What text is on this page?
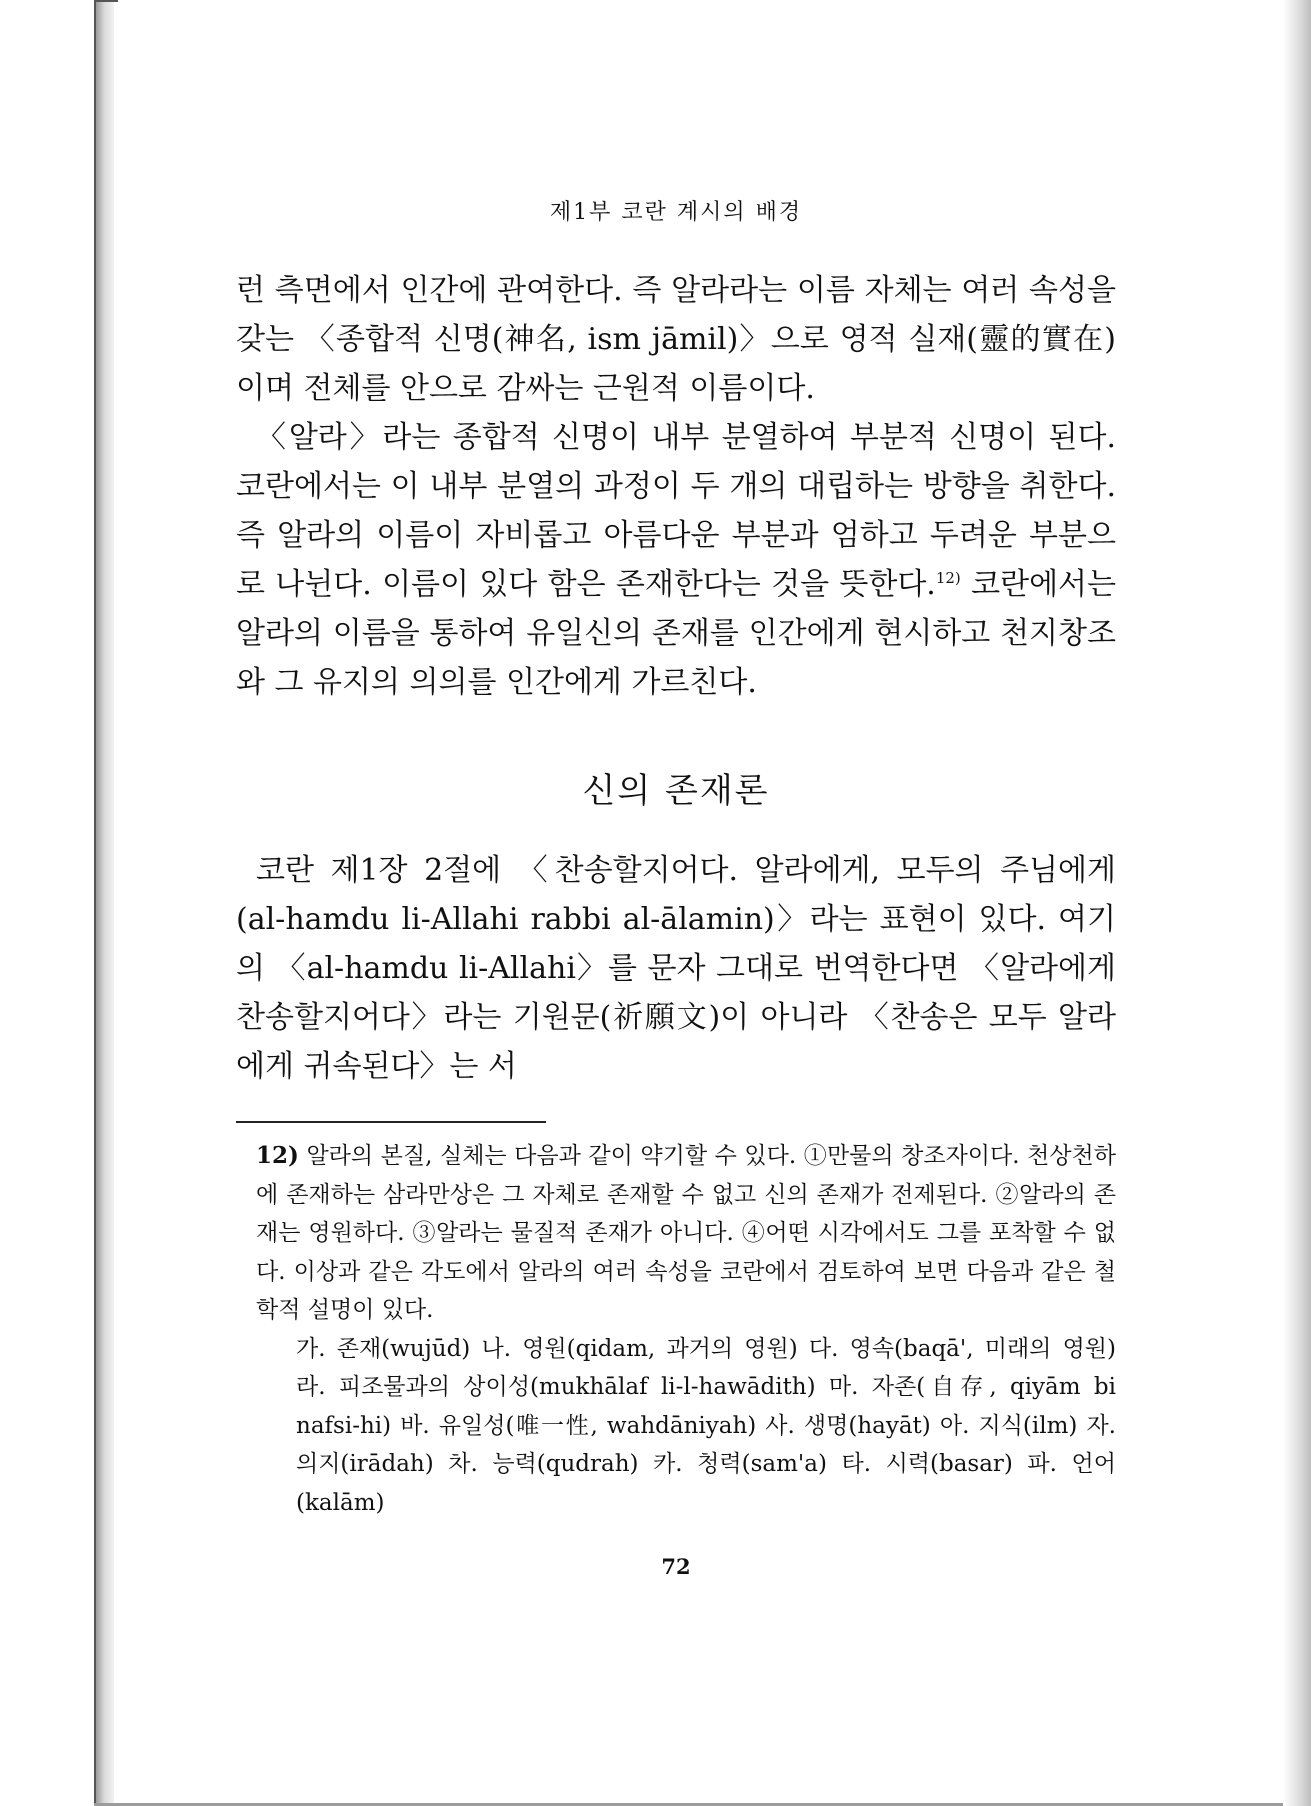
제1부 코란 계시의 배경

런 측면에서 인간에 관여한다. 즉 알라라는 이름 자체는 여러 속성을 갖는 〈종합적 신명(神名, ism jāmil)〉으로 영적 실재(靈的實在)이며 전체를 안으로 감싸는 근원적 이름이다.

〈알라〉라는 종합적 신명이 내부 분열하여 부분적 신명이 된다. 코란에서는 이 내부 분열의 과정이 두 개의 대립하는 방향을 취한다. 즉 알라의 이름이 자비롭고 아름다운 부분과 엄하고 두려운 부분으로 나뉜다. 이름이 있다 함은 존재한다는 것을 뜻한다.$^{12)}$ 코란에서는 알라의 이름을 통하여 유일신의 존재를 인간에게 현시하고 천지창조와 그 유지의 의의를 인간에게 가르친다.

신의 존재론

코란 제1장 2절에 〈찬송할지어다. 알라에게, 모두의 주님에게 (al-hamdu li-Allahi rabbi al-ālamin)〉라는 표현이 있다. 여기의 〈al-hamdu li-Allahi〉를 문자 그대로 번역한다면 〈알라에게 찬송할지어다〉라는 기원문(祈願文)이 아니라 〈찬송은 모두 알라에게 귀속된다〉는 서

12) 알라의 본질, 실체는 다음과 같이 약기할 수 있다. ①만물의 창조자이다. 천상천하에 존재하는 삼라만상은 그 자체로 존재할 수 없고 신의 존재가 전제된다. ②알라의 존재는 영원하다. ③알라는 물질적 존재가 아니다. ④어떤 시각에서도 그를 포착할 수 없다. 이상과 같은 각도에서 알라의 여러 속성을 코란에서 검토하여 보면 다음과 같은 철학적 설명이 있다.
가. 존재(wujūd) 나. 영원(qidam, 과거의 영원) 다. 영속(baqā', 미래의 영원) 라. 피조물과의 상이성(mukhālaf li-l-hawādith) 마. 자존(自存, qiyām bi nafsi-hi) 바. 유일성(唯一性, wahdāniyah) 사. 생명(hayāt) 아. 지식(ilm) 자. 의지(irādah) 차. 능력(qudrah) 카. 청력(sam'a) 타. 시력(basar) 파. 언어(kalām)
72
